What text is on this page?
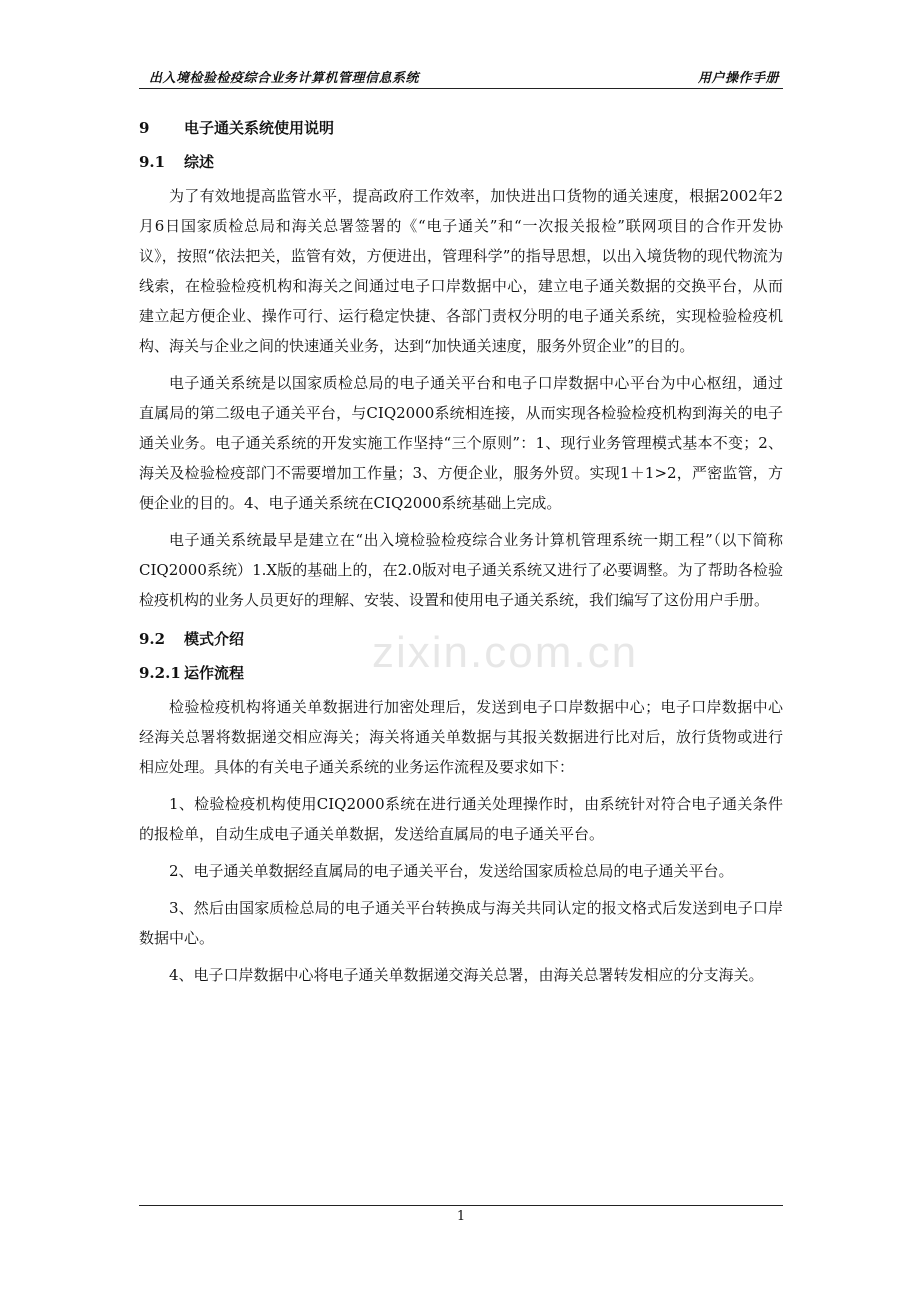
出入境检验检疫综合业务计算机管理信息系统	用户操作手册
9 电子通关系统使用说明
9.1 综述
为了有效地提高监管水平，提高政府工作效率，加快进出口货物的通关速度，根据2002年2月6日国家质检总局和海关总署签署的《“电子通关”和“一次报关报检”联网项目的合作开发协议》，按照“依法把关，监管有效，方便进出，管理科学”的指导思想，以出入境货物的现代物流为线索，在检验检疫机构和海关之间通过电子口岸数据中心，建立电子通关数据的交换平台，从而建立起方便企业、操作可行、运行稳定快捷、各部门责权分明的电子通关系统，实现检验检疫机构、海关与企业之间的快速通关业务，达到“加快通关速度，服务外贸企业”的目的。
电子通关系统是以国家质检总局的电子通关平台和电子口岸数据中心平台为中心枢纽，通过直属局的第二级电子通关平台，与CIQ2000系统相连接，从而实现各检验检疫机构到海关的电子通关业务。电子通关系统的开发实施工作坚持“三个原则”：1、现行业务管理模式基本不变；2、海关及检验检疫部门不需要增加工作量；3、方便企业，服务外贸。实现1＋1>2，严密监管，方便企业的目的。4、电子通关系统在CIQ2000系统基础上完成。
电子通关系统最早是建立在“出入境检验检疫综合业务计算机管理系统一期工程”（以下简称CIQ2000系统）1.X版的基础上的，在2.0版对电子通关系统又进行了必要调整。为了帮助各检验检疫机构的业务人员更好的理解、安装、设置和使用电子通关系统，我们编写了这份用户手册。
9.2 模式介绍
9.2.1 运作流程
检验检疫机构将通关单数据进行加密处理后，发送到电子口岸数据中心；电子口岸数据中心经海关总署将数据递交相应海关；海关将通关单数据与其报关数据进行比对后，放行货物或进行相应处理。具体的有关电子通关系统的业务运作流程及要求如下：
1、检验检疫机构使用CIQ2000系统在进行通关处理操作时，由系统针对符合电子通关条件的报检单，自动生成电子通关单数据，发送给直属局的电子通关平台。
2、电子通关单数据经直属局的电子通关平台，发送给国家质检总局的电子通关平台。
3、然后由国家质检总局的电子通关平台转换成与海关共同认定的报文格式后发送到电子口岸数据中心。
4、电子口岸数据中心将电子通关单数据递交海关总署，由海关总署转发相应的分支海关。
zixin.com.cn
1
